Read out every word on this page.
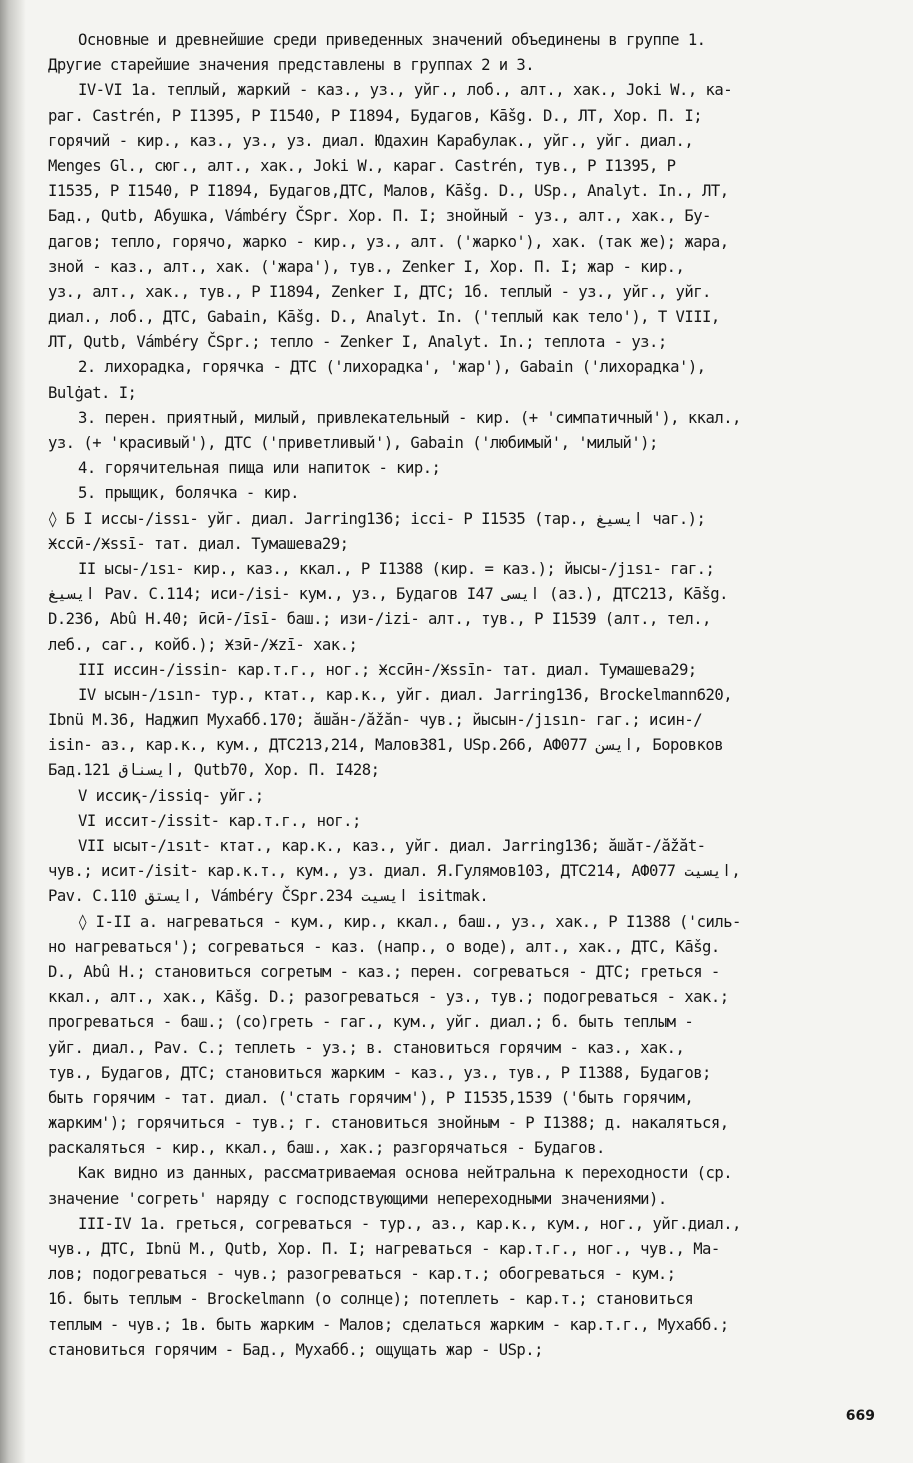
Основные и древнейшие среди приведенных значений объединены в группе 1.
Другие старейшие значения представлены в группах 2 и 3.
IV-VI 1а. теплый, жаркий - каз., уз., уйг., лоб., алт., хак., Joki W., ка-
раг. Castrén, Р I1395, Р I1540, Р I1894, Будагов, Kāšg. D., ЛТ, Хор. П. I;
горячий - кир., каз., уз., уз. диал. Юдахин Карабулак., уйг., уйг. диал.,
Menges Gl., сюг., алт., хак., Joki W., караг. Castrén, тув., Р I1395, Р
I1535, Р I1540, Р I1894, Будагов,ДТС, Малов, Kāšg. D., USp., Analyt. In., ЛТ,
Бад., Qutb, Абушка, Vámbéry ČSpr. Хор. П. I; знойный - уз., алт., хак., Бу-
дагов; тепло, горячо, жарко - кир., уз., алт. ('жарко'), хак. (так же); жара,
зной - каз., алт., хак. ('жара'), тув., Zenker I, Хор. П. I; жар - кир.,
уз., алт., хак., тув., Р I1894, Zenker I, ДТС; 1б. теплый - уз., уйг., уйг.
диал., лоб., ДТС, Gabain, Kāšg. D., Analyt. In. ('теплый как тело'), Т VIII,
ЛТ, Qutb, Vámbéry ČSpr.; тепло - Zenker I, Analyt. In.; теплота - уз.;
2. лихорадка, горячка - ДТС ('лихорадка', 'жар'), Gabain ('лихорадка'),
Bulġat. I;
3. перен. приятный, милый, привлекательный - кир. (+ 'симпатичный'), ккал.,
уз. (+ 'красивый'), ДТС ('приветливый'), Gabain ('любимый', 'милый');
4. горячительная пища или напиток - кир.;
5. прыщик, болячка - кир.
◊ Б I иссы-/issı- уйг. диал. Jarring136; icci- Р I1535 (тар., ایسیغ чаг.);
Ӿссӣ-/Ӿssī- тат. диал. Тумашева29;
II ысы-/ısı- кир., каз., ккал., Р I1388 (кир. = каз.); йысы-/jısı- гаг.;
ایسیغ Pav. C.114; иси-/isi- кум., уз., Будагов I47 ایسی (аз.), ДТС213, Kāšg.
D.236, Abû H.40; ӣсӣ-/īsī- баш.; изи-/izi- алт., тув., Р I1539 (алт., тел.,
леб., саг., койб.); Ӿзӣ-/Ӿzī- хак.;
III иссин-/issin- кар.т.г., ног.; Ӿссӣн-/Ӿssīn- тат. диал. Тумашева29;
IV ысын-/ısın- тур., ктат., кар.к., уйг. диал. Jarring136, Brockelmann620,
Ibnü M.36, Наджип Мухабб.170; ӑшӑн-/ăžăn- чув.; йысын-/jısın- гаг.; исин-/
isin- аз., кар.к., кум., ДТС213,214, Малов381, USp.266, АФ077 ایسن, Боровков
Бад.121 ایسناق, Qutb70, Хор. П. I428;
V иссиқ-/issiq- уйг.;
VI иссит-/issit- кар.т.г., ног.;
VII ысыт-/ısıt- ктат., кар.к., каз., уйг. диал. Jarring136; ӑшӑт-/ăžăt-
чув.; исит-/isit- кар.к.т., кум., уз. диал. Я.Гулямов103, ДТС214, АФ077 ایسیت,
Pav. C.110 ایستق, Vámbéry ČSpr.234 ایسیت isitmak.
◊ I-II а. нагреваться - кум., кир., ккал., баш., уз., хак., Р I1388 ('силь-
но нагреваться'); согреваться - каз. (напр., о воде), алт., хак., ДТС, Kāšg.
D., Abû H.; становиться согретым - каз.; перен. согреваться - ДТС; греться -
ккал., алт., хак., Kāšg. D.; разогреваться - уз., тув.; подогреваться - хак.;
прогреваться - баш.; (со)греть - гаг., кум., уйг. диал.; б. быть теплым -
уйг. диал., Pav. C.; теплеть - уз.; в. становиться горячим - каз., хак.,
тув., Будагов, ДТС; становиться жарким - каз., уз., тув., Р I1388, Будагов;
быть горячим - тат. диал. ('стать горячим'), Р I1535,1539 ('быть горячим,
жарким'); горячиться - тув.; г. становиться знойным - Р I1388; д. накаляться,
раскаляться - кир., ккал., баш., хак.; разгорячаться - Будагов.
Как видно из данных, рассматриваемая основа нейтральна к переходности (ср.
значение 'согреть' наряду с господствующими непереходными значениями).
III-IV 1а. греться, согреваться - тур., аз., кар.к., кум., ног., уйг.диал.,
чув., ДТС, Ibnü M., Qutb, Хор. П. I; нагреваться - кар.т.г., ног., чув., Ма-
лов; подогреваться - чув.; разогреваться - кар.т.; обогреваться - кум.;
1б. быть теплым - Brockelmann (о солнце); потеплеть - кар.т.; становиться
теплым - чув.; 1в. быть жарким - Малов; сделаться жарким - кар.т.г., Мухабб.;
становиться горячим - Бад., Мухабб.; ощущать жар - USp.;
669
